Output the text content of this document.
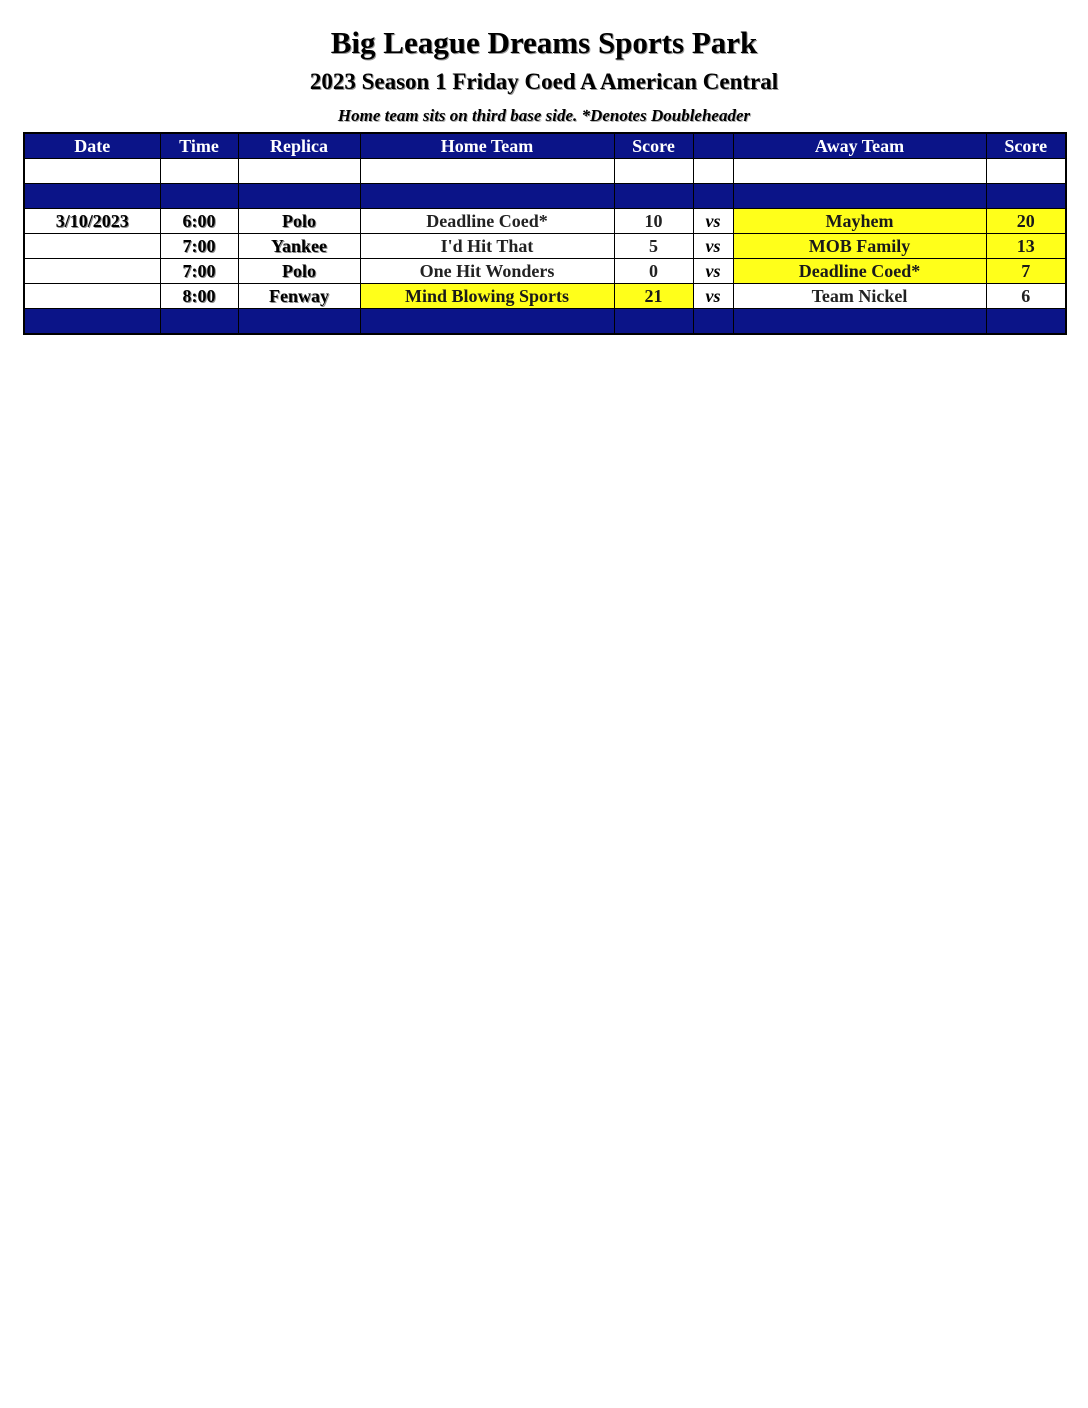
Big League Dreams Sports Park
2023 Season 1 Friday Coed A American Central
Home team sits on third base side. *Denotes Doubleheader
Date	Time	Replica	Home Team	Score		Away Team	Score

3/10/2023	6:00	Polo	Deadline Coed*	10	vs	Mayhem	20
	7:00	Yankee	I'd Hit That	5	vs	MOB Family	13
	7:00	Polo	One Hit Wonders	0	vs	Deadline Coed*	7
	8:00	Fenway	Mind Blowing Sports	21	vs	Team Nickel	6
